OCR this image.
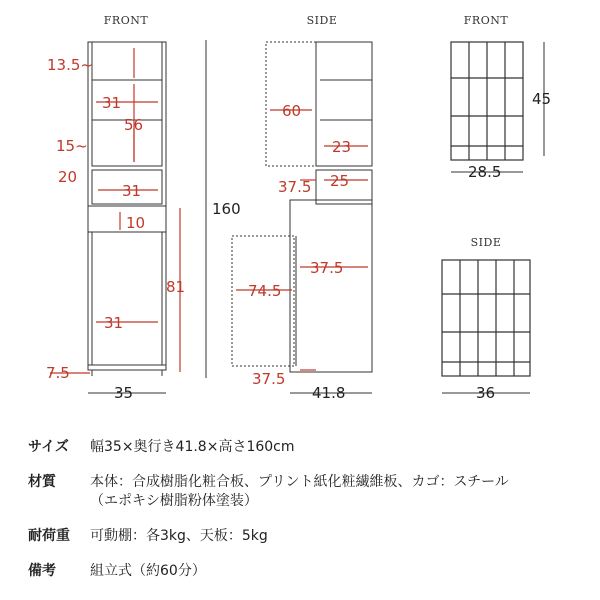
FRONT
13.5~
31
56
15~
20
31
10
81
31
7.5
160
35
SIDE
60
23
37.5 25
37.5
74.5
37.5
41.8
FRONT
45
28.5
SIDE
36
サイズ	幅35×奥行き41.8×高さ160cm
材質	本体：合成樹脂化粧合板、プリント紙化粧繊維板、カゴ：スチール
（エポキシ樹脂粉体塗装）
耐荷重	可動棚：各3kg、天板：5kg
備考	組立式（約60分）
